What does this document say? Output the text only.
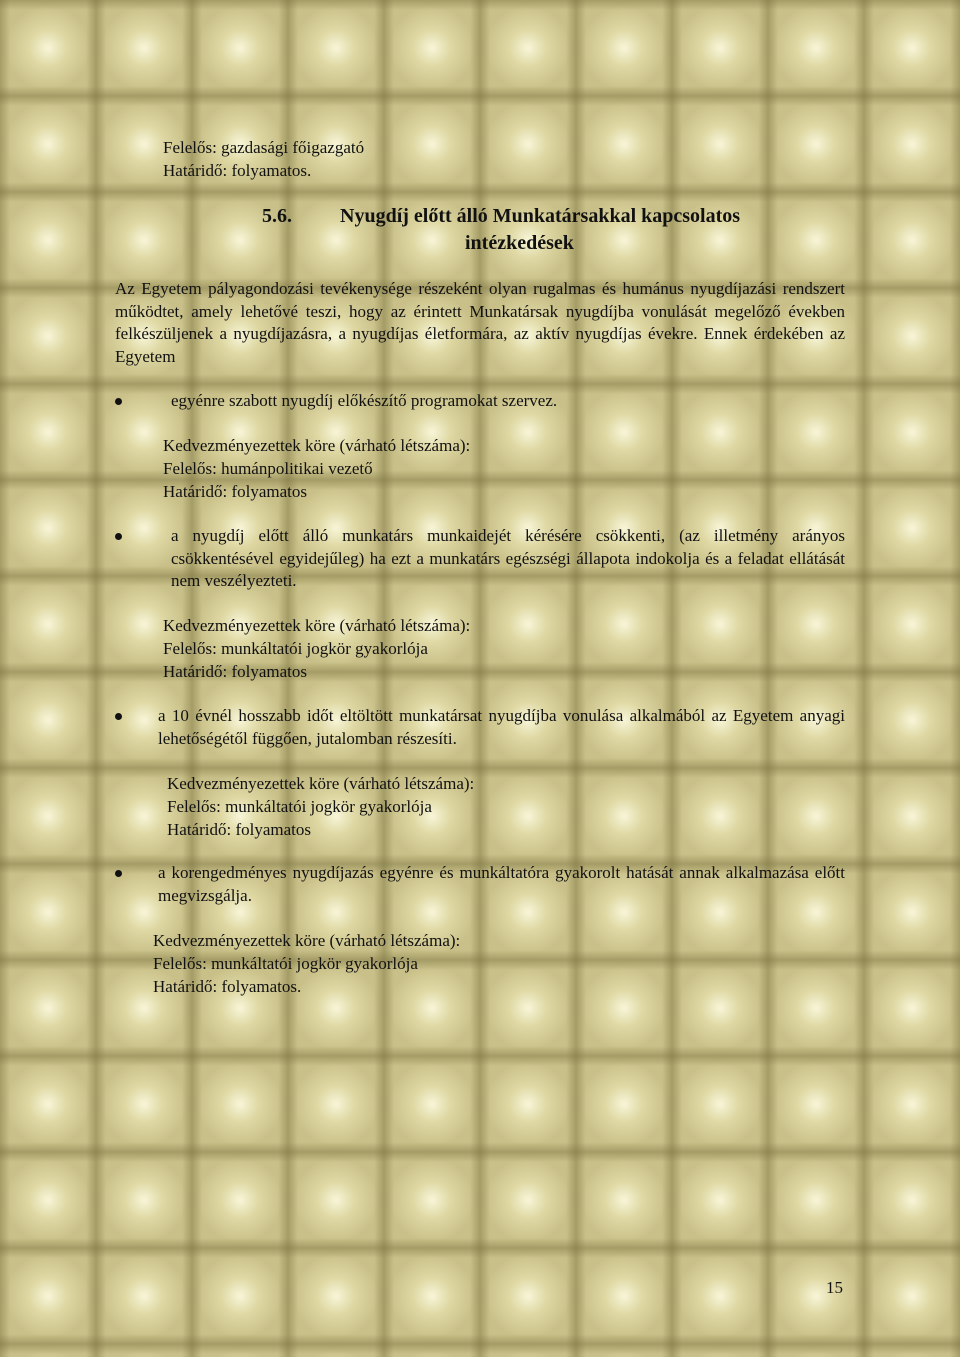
Felelős: gazdasági főigazgató
Határidő: folyamatos.
5.6. Nyugdíj előtt álló Munkatársakkal kapcsolatos
intézkedések
Az Egyetem pályagondozási tevékenysége részeként olyan rugalmas és humánus nyugdíjazási rendszert működtet, amely lehetővé teszi, hogy az érintett Munkatársak nyugdíjba vonulását megelőző években felkészüljenek a nyugdíjazásra, a nyugdíjas életformára, az aktív nyugdíjas évekre. Ennek érdekében az Egyetem
egyénre szabott nyugdíj előkészítő programokat szervez.
Kedvezményezettek köre (várható létszáma):
Felelős: humánpolitikai vezető
Határidő: folyamatos
a nyugdíj előtt álló munkatárs munkaidejét kérésére csökkenti, (az illetmény arányos csökkentésével egyidejűleg) ha ezt a munkatárs egészségi állapota indokolja és a feladat ellátását nem veszélyezteti.
Kedvezményezettek köre (várható létszáma):
Felelős: munkáltatói jogkör gyakorlója
Határidő: folyamatos
a 10 évnél hosszabb időt eltöltött munkatársat nyugdíjba vonulása alkalmából az Egyetem anyagi lehetőségétől függően, jutalomban részesíti.
Kedvezményezettek köre (várható létszáma):
Felelős: munkáltatói jogkör gyakorlója
Határidő: folyamatos
a korengedményes nyugdíjazás egyénre és munkáltatóra gyakorolt hatását annak alkalmazása előtt megvizsgálja.
Kedvezményezettek köre (várható létszáma):
Felelős: munkáltatói jogkör gyakorlója
Határidő: folyamatos.
15
